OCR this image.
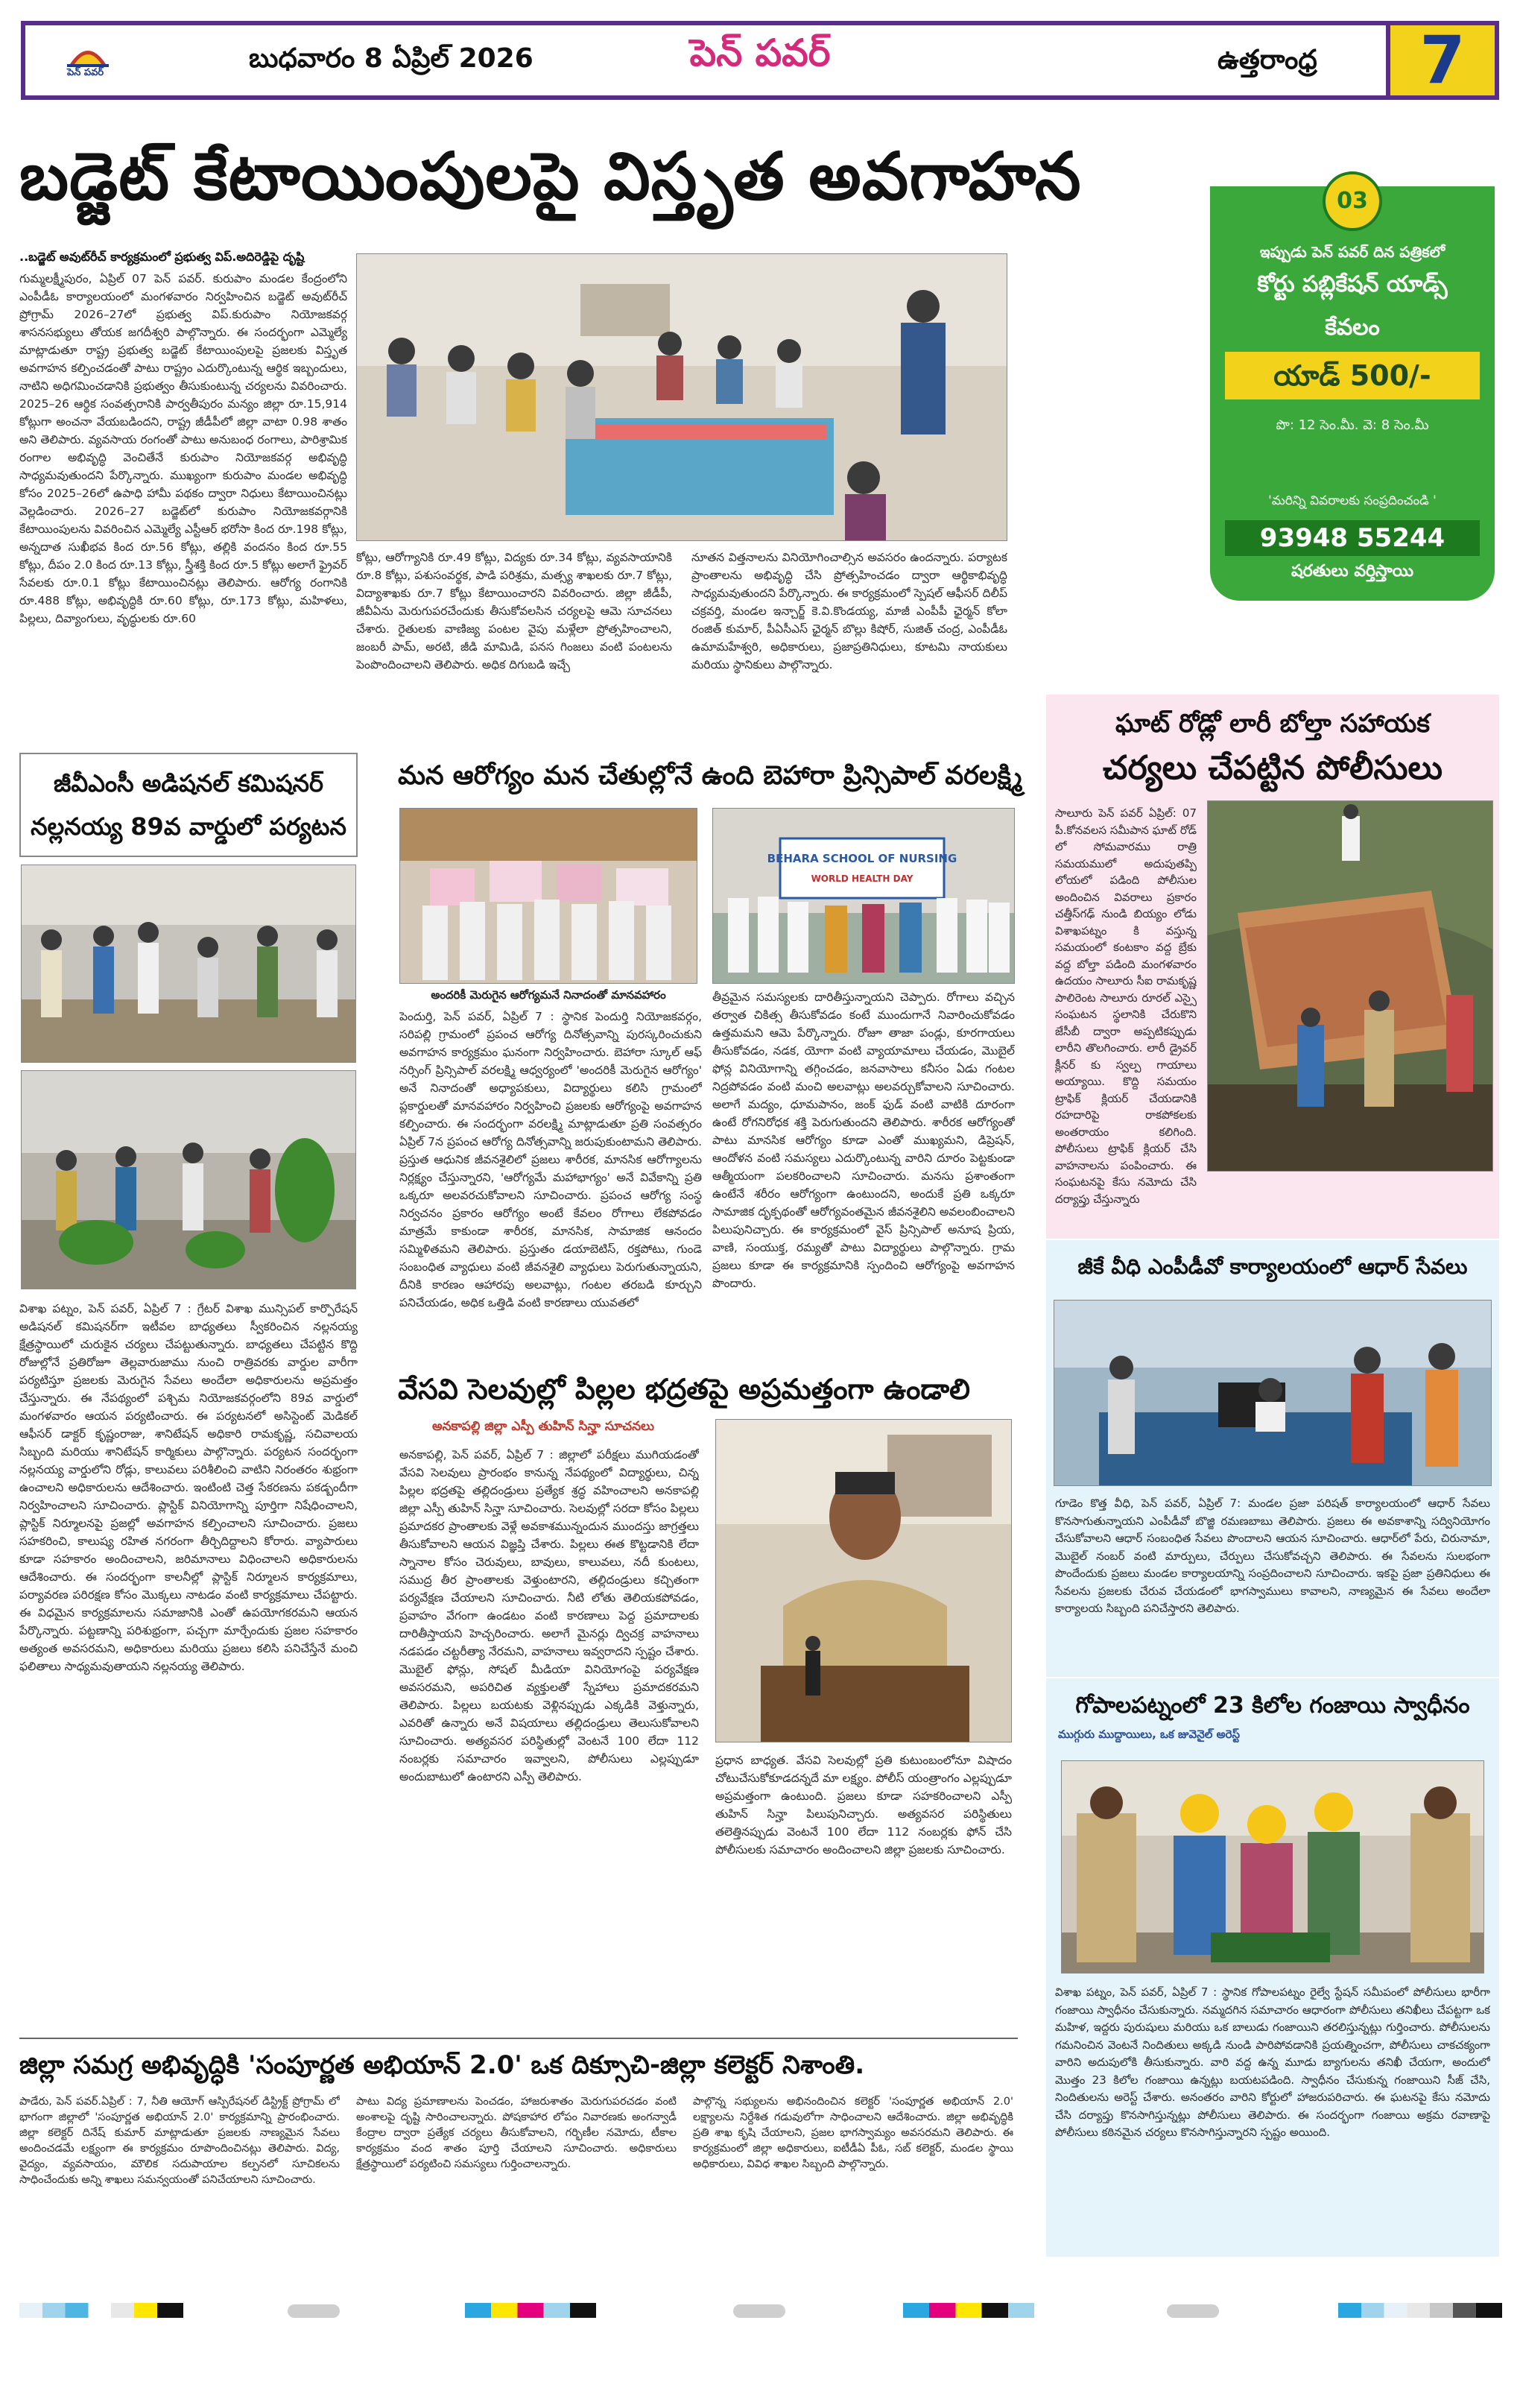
పెన్ పవర్	బుధవారం 8 ఏప్రిల్ 2026	పెన్ పవర్	ఉత్తరాంధ్ర	7
బడ్జెట్ కేటాయింపులపై విస్తృత అవగాహన
..బడ్జెట్ అవుట్‌రీచ్ కార్యక్రమంలో ప్రభుత్వ విప్.అదిరెడ్డిపై దృష్టి
గుమ్మలక్ష్మీపురం, ఏప్రిల్ 07 పెన్ పవర్. కురుపాం మండల కేంద్రంలోని ఎంపీడీఓ కార్యాలయంలో మంగళవారం నిర్వహించిన బడ్జెట్ అవుట్‌రీచ్ ప్రోగ్రామ్ 2026–27లో ప్రభుత్వ విప్.కురుపాం నియోజకవర్గ శాసనసభ్యులు తోయక జగదీశ్వరి పాల్గొన్నారు. ఈ సందర్భంగా ఎమ్మెల్యే మాట్లాడుతూ రాష్ట్ర ప్రభుత్వ బడ్జెట్ కేటాయింపులపై ప్రజలకు విస్తృత అవగాహన కల్పించడంతో పాటు రాష్ట్రం ఎదుర్కొంటున్న ఆర్థిక ఇబ్బందులు, నాటిని అధిగమించడానికి ప్రభుత్వం తీసుకుంటున్న చర్యలను వివరించారు. 2025–26 ఆర్థిక సంవత్సరానికి పార్వతీపురం మన్యం జిల్లా రూ.15,914 కోట్లుగా అంచనా వేయబడిందని, రాష్ట్ర జీడీపీలో జిల్లా వాటా 0.98 శాతం అని తెలిపారు. వ్యవసాయ రంగంతో పాటు అనుబంధ రంగాలు, పారిశ్రామిక రంగాల అభివృద్ధి వెంచితేనే కురుపాం నియోజకవర్గ అభివృద్ధి సాధ్యమవుతుందని పేర్కొన్నారు. ముఖ్యంగా కురుపాం మండల అభివృద్ధి కోసం 2025–26లో ఉపాధి హామీ పథకం ద్వారా నిధులు కేటాయించినట్లు వెల్లడించారు. 2026–27 బడ్జెట్‌లో కురుపాం నియోజకవర్గానికి కేటాయింపులను వివరించిన ఎమ్మెల్యే ఎస్టీఆర్ భరోసా కింద రూ.198 కోట్లు, అన్నదాత సుఖీభవ కింద రూ.56 కోట్లు, తల్లికి వందనం కింద రూ.55 కోట్లు, దీపం 2.0 కింద రూ.13 కోట్లు, స్త్రీశక్తి కింద రూ.5 కోట్లు అలాగే ఫ్రైవర్ సేవలకు రూ.0.1 కోట్లు కేటాయించినట్లు తెలిపారు. ఆరోగ్య రంగానికి రూ.488 కోట్లు, అభివృద్ధికి రూ.60 కోట్లు, రూ.173 కోట్లు, మహిళలు, పిల్లలు, దివ్యాంగులు, వృద్ధులకు రూ.60
కోట్లు, ఆరోగ్యానికి రూ.49 కోట్లు, విద్యకు రూ.34 కోట్లు, వ్యవసాయానికి రూ.8 కోట్లు, పశుసంవర్థక, పాడి పరిశ్రమ, మత్స్య శాఖలకు రూ.7 కోట్లు, విద్యాశాఖకు రూ.7 కోట్లు కేటాయించారని వివరించారు. జిల్లా జీడీపీ, జీవీఏను మెరుగుపరచేందుకు తీసుకోవలసిన చర్యలపై ఆమె సూచనలు చేశారు. రైతులకు వాణిజ్య పంటల వైపు మళ్లేలా ప్రోత్సహించాలని, జంబరీ పామ్, అరటి, జీడి మామిడి, పనస గింజలు వంటి పంటలను పెంపొందించాలని తెలిపారు. అధిక దిగుబడి ఇచ్చే
నూతన విత్తనాలను వినియోగించాల్సిన అవసరం ఉందన్నారు. పర్యాటక ప్రాంతాలను అభివృద్ధి చేసి ప్రోత్సహించడం ద్వారా ఆర్థికాభివృద్ధి సాధ్యమవుతుందని పేర్కొన్నారు. ఈ కార్యక్రమంలో స్పెషల్ ఆఫీసర్ దిలీప్ చక్రవర్తి, మండల ఇన్చార్జ్ కె.వి.కొండయ్య, మాజీ ఎంపీపీ ఛైర్మన్ కోలా రంజిత్ కుమార్, పీఏసీఎస్ ఛైర్మన్ బొల్లు కిషోర్, సుజిత్ చంద్ర, ఎంపీడీఓ ఉమామహేశ్వరి, అధికారులు, ప్రజాప్రతినిధులు, కూటమి నాయకులు మరియు స్థానికులు పాల్గొన్నారు.
03
ఇప్పుడు పెన్ పవర్ దిన పత్రికలో
కోర్టు పబ్లికేషన్ యాడ్స్
కేవలం
యాడ్ 500/-
పొ: 12 సెం.మీ. వె: 8 సెం.మీ
'మరిన్ని వివరాలకు సంప్రదించండి '
93948 55244
షరతులు వర్తిస్తాయి
జీవీఎంసీ అడిషనల్ కమిషనర్ నల్లనయ్య 89వ వార్డులో పర్యటన
విశాఖ పట్నం, పెన్ పవర్, ఏప్రిల్ 7 : గ్రేటర్ విశాఖ మున్సిపల్ కార్పొరేషన్ అడిషనల్ కమిషనర్‌గా ఇటీవల బాధ్యతలు స్వీకరించిన నల్లనయ్య క్షేత్రస్థాయిలో చురుకైన చర్యలు చేపట్టుతున్నారు. బాధ్యతలు చేపట్టిన కొద్ది రోజుల్లోనే ప్రతిరోజూ తెల్లవారుజాము నుంచి రాత్రివరకు వార్డుల వారీగా పర్యటిస్తూ ప్రజలకు మెరుగైన సేవలు అందేలా అధికారులను అప్రమత్తం చేస్తున్నారు. ఈ నేపథ్యంలో పశ్చిమ నియోజకవర్గంలోని 89వ వార్డులో మంగళవారం ఆయన పర్యటించారు. ఈ పర్యటనలో అసిస్టెంట్ మెడికల్ ఆఫీసర్ డాక్టర్ కృష్ణంరాజు, శానిటేషన్ అధికారి రామకృష్ణ, సచివాలయ సిబ్బంది మరియు శానిటేషన్ కార్మికులు పాల్గొన్నారు. పర్యటన సందర్భంగా నల్లనయ్య వార్డులోని రోడ్లు, కాలువలు పరిశీలించి వాటిని నిరంతరం శుభ్రంగా ఉంచాలని అధికారులను ఆదేశించారు. ఇంటింటి చెత్త సేకరణను పకడ్బందీగా నిర్వహించాలని సూచించారు. ప్లాస్టిక్ వినియోగాన్ని పూర్తిగా నిషేధించాలని, ప్లాస్టిక్ నిర్మూలనపై ప్రజల్లో అవగాహన కల్పించాలని సూచించారు. ప్రజలు సహకరించి, కాలుష్య రహిత నగరంగా తీర్చిదిద్దాలని కోరారు. వ్యాపారులు కూడా సహకారం అందించాలని, జరిమానాలు విధించాలని అధికారులను ఆదేశించారు. ఈ సందర్భంగా కాలనీల్లో ప్లాస్టిక్ నిర్మూలన కార్యక్రమాలు, పర్యావరణ పరిరక్షణ కోసం మొక్కలు నాటడం వంటి కార్యక్రమాలు చేపట్టారు. ఈ విధమైన కార్యక్రమాలను సమాజానికి ఎంతో ఉపయోగకరమని ఆయన పేర్కొన్నారు. పట్టణాన్ని పరిశుభ్రంగా, పచ్చగా మార్చేందుకు ప్రజల సహకారం అత్యంత అవసరమని, అధికారులు మరియు ప్రజలు కలిసి పనిచేస్తేనే మంచి ఫలితాలు సాధ్యమవుతాయని నల్లనయ్య తెలిపారు.
మన ఆరోగ్యం మన చేతుల్లోనే ఉంది బెహారా ప్రిన్సిపాల్ వరలక్ష్మి
BEHARA SCHOOL OF NURSING
WORLD HEALTH DAY
అందరికీ మెరుగైన ఆరోగ్యమనే నినాదంతో మానవహారం
పెందుర్తి, పెన్ పవర్, ఏప్రిల్ 7 : స్థానిక పెందుర్తి నియోజకవర్గం, సరిపల్లి గ్రామంలో ప్రపంచ ఆరోగ్య దినోత్సవాన్ని పురస్కరించుకుని అవగాహన కార్యక్రమం ఘనంగా నిర్వహించారు. బెహారా స్కూల్ ఆఫ్ నర్సింగ్ ప్రిన్సిపాల్ వరలక్ష్మి ఆధ్వర్యంలో 'అందరికీ మెరుగైన ఆరోగ్యం' అనే నినాదంతో అధ్యాపకులు, విద్యార్థులు కలిసి గ్రామంలో ప్లకార్డులతో మానవహారం నిర్వహించి ప్రజలకు ఆరోగ్యంపై అవగాహన కల్పించారు. ఈ సందర్భంగా వరలక్ష్మి మాట్లాడుతూ ప్రతి సంవత్సరం ఏప్రిల్ 7న ప్రపంచ ఆరోగ్య దినోత్సవాన్ని జరుపుకుంటామని తెలిపారు. ప్రస్తుత ఆధునిక జీవనశైలిలో ప్రజలు శారీరక, మానసిక ఆరోగ్యాలను నిర్లక్ష్యం చేస్తున్నారని, 'ఆరోగ్యమే మహాభాగ్యం' అనే వివేకాన్ని ప్రతి ఒక్కరూ అలవరచుకోవాలని సూచించారు. ప్రపంచ ఆరోగ్య సంస్థ నిర్వచనం ప్రకారం ఆరోగ్యం అంటే కేవలం రోగాలు లేకపోవడం మాత్రమే కాకుండా శారీరక, మానసిక, సామాజిక ఆనందం సమ్మిళితమని తెలిపారు. ప్రస్తుతం డయాబెటిస్, రక్తపోటు, గుండె సంబంధిత వ్యాధులు వంటి జీవనశైలి వ్యాధులు పెరుగుతున్నాయని, దీనికి కారణం ఆహారపు అలవాట్లు, గంటల తరబడి కూర్చుని పనిచేయడం, అధిక ఒత్తిడి వంటి కారణాలు యువతలో
తీవ్రమైన సమస్యలకు దారితీస్తున్నాయని చెప్పారు. రోగాలు వచ్చిన తర్వాత చికిత్స తీసుకోవడం కంటే ముందుగానే నివారించుకోవడం ఉత్తమమని ఆమె పేర్కొన్నారు. రోజూ తాజా పండ్లు, కూరగాయలు తీసుకోవడం, నడక, యోగా వంటి వ్యాయామాలు చేయడం, మొబైల్ ఫోన్ల వినియోగాన్ని తగ్గించడం, జనవాసాలు కనీసం ఏడు గంటల నిద్రపోవడం వంటి మంచి అలవాట్లు అలవర్చుకోవాలని సూచించారు. అలాగే మద్యం, ధూమపానం, జంక్ ఫుడ్ వంటి వాటికి దూరంగా ఉంటే రోగనిరోధక శక్తి పెరుగుతుందని తెలిపారు. శారీరక ఆరోగ్యంతో పాటు మానసిక ఆరోగ్యం కూడా ఎంతో ముఖ్యమని, డిప్రెషన్, ఆందోళన వంటి సమస్యలు ఎదుర్కొంటున్న వారిని దూరం పెట్టకుండా ఆత్మీయంగా పలకరించాలని సూచించారు. మనసు ప్రశాంతంగా ఉంటేనే శరీరం ఆరోగ్యంగా ఉంటుందని, అందుకే ప్రతి ఒక్కరూ సామాజిక దృక్పథంతో ఆరోగ్యవంతమైన జీవనశైలిని అవలంబించాలని పిలుపునిచ్చారు. ఈ కార్యక్రమంలో వైస్ ప్రిన్సిపాల్ అనూష ప్రియ, వాణి, సంయుక్త, రమ్యతో పాటు విద్యార్థులు పాల్గొన్నారు. గ్రామ ప్రజలు కూడా ఈ కార్యక్రమానికి స్పందించి ఆరోగ్యంపై అవగాహన పొందారు.
వేసవి సెలవుల్లో పిల్లల భద్రతపై అప్రమత్తంగా ఉండాలి
అనకాపల్లి జిల్లా ఎస్పీ తుహిన్ సిన్హా సూచనలు
అనకాపల్లి, పెన్ పవర్, ఏప్రిల్ 7 : జిల్లాలో పరీక్షలు ముగియడంతో వేసవి సెలవులు ప్రారంభం కానున్న నేపథ్యంలో విద్యార్థులు, చిన్న పిల్లల భద్రతపై తల్లిదండ్రులు ప్రత్యేక శ్రద్ధ వహించాలని అనకాపల్లి జిల్లా ఎస్పీ తుహిన్ సిన్హా సూచించారు. సెలవుల్లో సరదా కోసం పిల్లలు ప్రమాదకర ప్రాంతాలకు వెళ్లే అవకాశమున్నందున ముందస్తు జాగ్రత్తలు తీసుకోవాలని ఆయన విజ్ఞప్తి చేశారు. పిల్లలు ఈత కొట్టడానికి లేదా స్నానాల కోసం చెరువులు, బావులు, కాలువలు, నదీ కుంటలు, సముద్ర తీర ప్రాంతాలకు వెళ్తుంటారని, తల్లిదండ్రులు కచ్చితంగా పర్యవేక్షణ చేయాలని సూచించారు. నీటి లోతు తెలియకపోవడం, ప్రవాహం వేగంగా ఉండటం వంటి కారణాలు పెద్ద ప్రమాదాలకు దారితీస్తాయని హెచ్చరించారు. అలాగే మైనర్లు ద్విచక్ర వాహనాలు నడపడం చట్టరీత్యా నేరమని, వాహనాలు ఇవ్వరాదని స్పష్టం చేశారు. మొబైల్ ఫోన్లు, సోషల్ మీడియా వినియోగంపై పర్యవేక్షణ అవసరమని, అపరిచిత వ్యక్తులతో స్నేహాలు ప్రమాదకరమని తెలిపారు. పిల్లలు బయటకు వెళ్లినప్పుడు ఎక్కడికి వెళ్తున్నారు, ఎవరితో ఉన్నారు అనే విషయాలు తల్లిదండ్రులు తెలుసుకోవాలని సూచించారు. అత్యవసర పరిస్థితుల్లో వెంటనే 100 లేదా 112 నంబర్లకు సమాచారం ఇవ్వాలని, పోలీసులు ఎల్లప్పుడూ అందుబాటులో ఉంటారని ఎస్పీ తెలిపారు.
ప్రధాన బాధ్యత. వేసవి సెలవుల్లో ప్రతి కుటుంబంలోనూ విషాదం చోటుచేసుకోకూడదన్నదే మా లక్ష్యం. పోలీస్ యంత్రాంగం ఎల్లప్పుడూ అప్రమత్తంగా ఉంటుంది. ప్రజలు కూడా సహకరించాలని ఎస్పీ తుహిన్ సిన్హా పిలుపునిచ్చారు. అత్యవసర పరిస్థితులు తలెత్తినప్పుడు వెంటనే 100 లేదా 112 నంబర్లకు ఫోన్ చేసి పోలీసులకు సమాచారం అందించాలని జిల్లా ప్రజలకు సూచించారు.
ఘాట్ రోడ్లో లారీ బోల్తా సహాయక
చర్యలు చేపట్టిన పోలీసులు
సాలూరు పెన్ పవర్ ఏప్రిల్: 07 పీ.కోనవలస సమీపాన ఘాట్ రోడ్ లో సోమవారము రాత్రి సమయములో అదుపుతప్పి లోయలో పడింది పోలీసుల అందించిన వివరాలు ప్రకారం చత్తీస్‌గఢ్ నుండి బియ్యం లోడు విశాఖపట్నం కి వస్తున్న సమయంలో కంటకాం వద్ద బ్రేకు వద్ద బోల్తా పడింది మంగళవారం ఉదయం సాలూరు సీఐ రామకృష్ణ పాలిరెంట సాలూరు రూరల్ ఎస్సై సంఘటన స్థలానికి చేరుకొని జేసీబీ ద్వారా అప్పటికప్పుడు లారీని తొలగించారు. లారీ డ్రైవర్ క్లీనర్ కు స్వల్ప గాయాలు అయ్యాయి. కొద్ది సమయం ట్రాఫిక్ క్లియర్ చేయడానికి రహదారిపై రాకపోకలకు అంతరాయం కలిగింది. పోలీసులు ట్రాఫిక్ క్లియర్ చేసి వాహనాలను పంపించారు. ఈ సంఘటనపై కేసు నమోదు చేసి దర్యాప్తు చేస్తున్నారు
జీకే వీధి ఎంపీడీవో కార్యాలయంలో ఆధార్ సేవలు
గూడెం కొత్త వీధి, పెన్ పవర్, ఏప్రిల్ 7: మండల ప్రజా పరిషత్ కార్యాలయంలో ఆధార్ సేవలు కొనసాగుతున్నాయని ఎంపీడీవో బొజ్జి రమణబాబు తెలిపారు. ప్రజలు ఈ అవకాశాన్ని సద్వినియోగం చేసుకోవాలని ఆధార్ సంబంధిత సేవలు పొందాలని ఆయన సూచించారు. ఆధార్‌లో పేరు, చిరునామా, మొబైల్ నంబర్ వంటి మార్పులు, చేర్పులు చేసుకోవచ్చని తెలిపారు. ఈ సేవలను సులభంగా పొందేందుకు ప్రజలు మండల కార్యాలయాన్ని సంప్రదించాలని సూచించారు. ఇకపై ప్రజా ప్రతినిధులు ఈ సేవలను ప్రజలకు చేరువ చేయడంలో భాగస్వాములు కావాలని, నాణ్యమైన ఈ సేవలు అందేలా కార్యాలయ సిబ్బంది పనిచేస్తారని తెలిపారు.
గోపాలపట్నంలో 23 కిలోల గంజాయి స్వాధీనం
ముగ్గురు ముద్దాయిలు, ఒక జువెనైల్ అరెస్ట్
విశాఖ పట్నం, పెన్ పవర్, ఏప్రిల్ 7 : స్థానిక గోపాలపట్నం రైల్వే స్టేషన్ సమీపంలో పోలీసులు భారీగా గంజాయి స్వాధీనం చేసుకున్నారు. నమ్మదగిన సమాచారం ఆధారంగా పోలీసులు తనిఖీలు చేపట్టగా ఒక మహిళ, ఇద్దరు పురుషులు మరియు ఒక బాలుడు గంజాయిని తరలిస్తున్నట్లు గుర్తించారు. పోలీసులను గమనించిన వెంటనే నిందితులు అక్కడి నుండి పారిపోవడానికి ప్రయత్నించగా, పోలీసులు చాకచక్యంగా వారిని అదుపులోకి తీసుకున్నారు. వారి వద్ద ఉన్న మూడు బ్యాగులను తనిఖీ చేయగా, అందులో మొత్తం 23 కిలోల గంజాయి ఉన్నట్లు బయటపడింది. స్వాధీనం చేసుకున్న గంజాయిని సీజ్ చేసి, నిందితులను అరెస్ట్ చేశారు. అనంతరం వారిని కోర్టులో హాజరుపరిచారు. ఈ ఘటనపై కేసు నమోదు చేసి దర్యాప్తు కొనసాగిస్తున్నట్లు పోలీసులు తెలిపారు. ఈ సందర్భంగా గంజాయి అక్రమ రవాణాపై పోలీసులు కఠినమైన చర్యలు కొనసాగిస్తున్నారని స్పష్టం అయింది.
జిల్లా సమగ్ర అభివృద్ధికి 'సంపూర్ణత అభియాన్ 2.0' ఒక దిక్సూచి-జిల్లా కలెక్టర్ నిశాంతి.
పాడేరు, పెన్ పవర్.ఏప్రిల్ : 7, నీతి ఆయోగ్ ఆస్పిరేషనల్ డిస్ట్రిక్ట్ ప్రోగ్రామ్ లో భాగంగా జిల్లాలో 'సంపూర్ణత అభియాన్ 2.0' కార్యక్రమాన్ని ప్రారంభించారు. జిల్లా కలెక్టర్ దినేష్ కుమార్ మాట్లాడుతూ ప్రజలకు నాణ్యమైన సేవలు అందించడమే లక్ష్యంగా ఈ కార్యక్రమం రూపొందించినట్లు తెలిపారు. విద్య, వైద్యం, వ్యవసాయం, మౌలిక సదుపాయాల కల్పనలో సూచికలను సాధించేందుకు అన్ని శాఖలు సమన్వయంతో పనిచేయాలని సూచించారు.
పాటు విద్య ప్రమాణాలను పెంచడం, హాజరుశాతం మెరుగుపరచడం వంటి అంశాలపై దృష్టి సారించాలన్నారు. పోషకాహార లోపం నివారణకు అంగన్వాడీ కేంద్రాల ద్వారా ప్రత్యేక చర్యలు తీసుకోవాలని, గర్భిణీల నమోదు, టీకాల కార్యక్రమం వంద శాతం పూర్తి చేయాలని సూచించారు. అధికారులు క్షేత్రస్థాయిలో పర్యటించి సమస్యలు గుర్తించాలన్నారు.
పాల్గొన్న సభ్యులను అభినందించిన కలెక్టర్ 'సంపూర్ణత అభియాన్ 2.0' లక్ష్యాలను నిర్దేశిత గడువులోగా సాధించాలని ఆదేశించారు. జిల్లా అభివృద్ధికి ప్రతి శాఖ కృషి చేయాలని, ప్రజల భాగస్వామ్యం అవసరమని తెలిపారు. ఈ కార్యక్రమంలో జిల్లా అధికారులు, ఐటీడీఏ పీఓ, సబ్ కలెక్టర్, మండల స్థాయి అధికారులు, వివిధ శాఖల సిబ్బంది పాల్గొన్నారు.
